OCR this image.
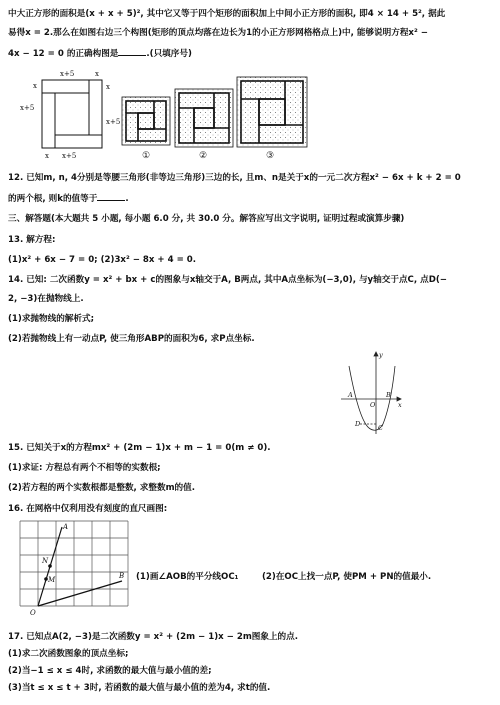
中大正方形的面积是(x + x + 5)², 其中它又等于四个矩形的面积加上中间小正方形的面积, 即4 × 14 + 5², 据此
易得x = 2.那么在如图右边三个构图(矩形的顶点均落在边长为1的小正方形网格格点上)中, 能够说明方程x² −
4x − 12 = 0 的正确构图是	.(只填序号)
x+5	x
x+5
x	x
x+5
x x+5	①	②	③
12. 已知m, n, 4分别是等腰三角形(非等边三角形)三边的长, 且m、n是关于x的一元二次方程x² − 6x + k + 2 = 0
的两个根, 则k的值等于	.
三、解答题(本大题共 5 小题, 每小题 6.0 分, 共 30.0 分。解答应写出文字说明, 证明过程或演算步骤)
13. 解方程:
(1)x² + 6x − 7 = 0; (2)3x² − 8x + 4 = 0.
14. 已知: 二次函数y = x² + bx + c的图象与x轴交于A, B两点, 其中A点坐标为(−3,0), 与y轴交于点C, 点D(−
2, −3)在抛物线上.
(1)求抛物线的解析式;
(2)若抛物线上有一动点P, 使三角形ABP的面积为6, 求P点坐标.
y
A
O
B
x
D	C
15. 已知关于x的方程mx² + (2m − 1)x + m − 1 = 0(m ≠ 0).
(1)求证: 方程总有两个不相等的实数根;
(2)若方程的两个实数根都是整数, 求整数m的值.
16. 在网格中仅利用没有刻度的直尺画图:
A
N
M	B
O
(1)画∠AOB的平分线OC₁	(2)在OC上找一点P, 使PM + PN的值最小.
17. 已知点A(2, −3)是二次函数y = x² + (2m − 1)x − 2m图象上的点.
(1)求二次函数图象的顶点坐标;
(2)当−1 ≤ x ≤ 4时, 求函数的最大值与最小值的差;
(3)当t ≤ x ≤ t + 3时, 若函数的最大值与最小值的差为4, 求t的值.
